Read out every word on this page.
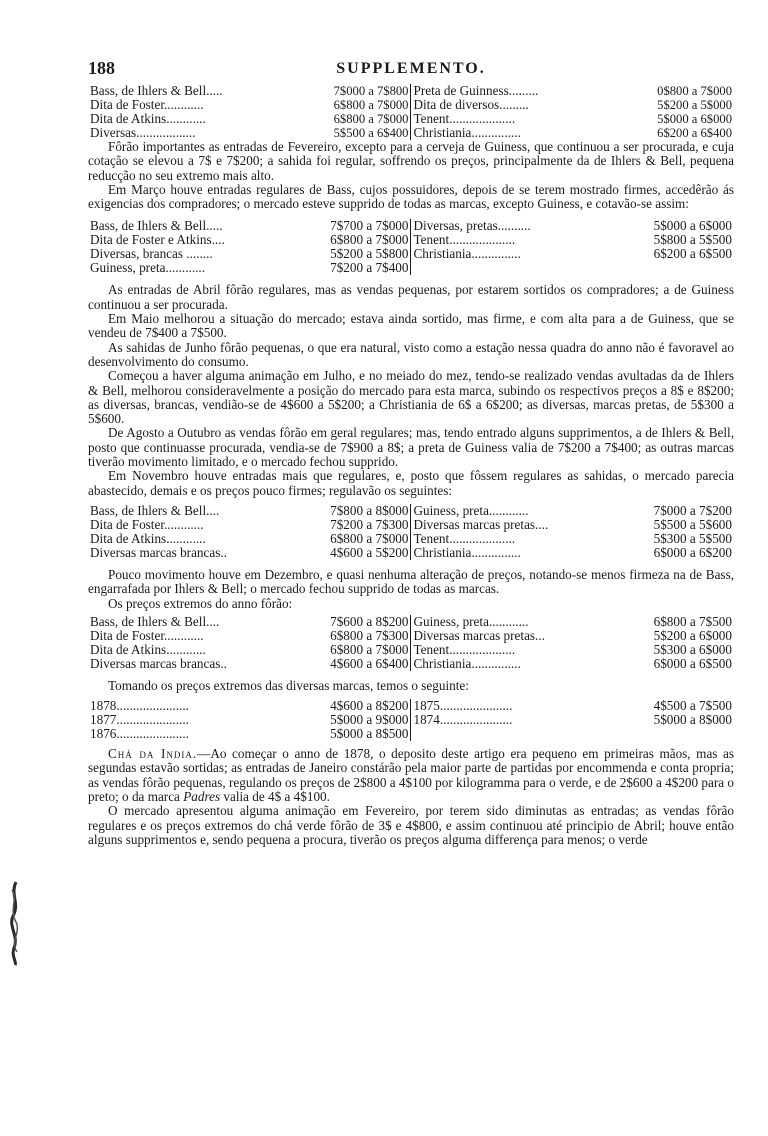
188	SUPPLEMENTO.
Bass, de Ihlers & Bell.....	7$000 a 7$800	Preta de Guinness.........	0$800 a 7$000
Dita de Foster............	6$800 a 7$000	Dita de diversos.........	5$200 a 5$000
Dita de Atkins............	6$800 a 7$000	Tenent....................	5$000 a 6$000
Diversas..................	5$500 a 6$400	Christiania...............	6$200 a 6$400

Fôrão importantes as entradas de Fevereiro, excepto para a cerveja de Guiness, que continuou a ser procurada, e cuja cotação se elevou a 7$ e 7$200; a sahida foi regular, soffrendo os preços, principalmente da de Ihlers & Bell, pequena reducção no seu extremo mais alto.

Em Março houve entradas regulares de Bass, cujos possuidores, depois de se terem mostrado firmes, accedêrão ás exigencias dos compradores; o mercado esteve supprido de todas as marcas, excepto Guiness, e cotavão-se assim:

Bass, de Ihlers & Bell.....	7$700 a 7$000	Diversas, pretas..........	5$000 a 6$000
Dita de Foster e Atkins....	6$800 a 7$000	Tenent....................	5$800 a 5$500
Diversas, brancas ........	5$200 a 5$800	Christiania...............	6$200 a 6$500
Guiness, preta............	7$200 a 7$400		

As entradas de Abril fôrão regulares, mas as vendas pequenas, por estarem sortidos os compradores; a de Guiness continuou a ser procurada.

Em Maio melhorou a situação do mercado; estava ainda sortido, mas firme, e com alta para a de Guiness, que se vendeu de 7$400 a 7$500.

As sahidas de Junho fôrão pequenas, o que era natural, visto como a estação nessa quadra do anno não é favoravel ao desenvolvimento do consumo.

Começou a haver alguma animação em Julho, e no meiado do mez, tendo-se realizado vendas avultadas da de Ihlers & Bell, melhorou consideravelmente a posição do mercado para esta marca, subindo os respectivos preços a 8$ e 8$200; as diversas, brancas, vendião-se de 4$600 a 5$200; a Christiania de 6$ a 6$200; as diversas, marcas pretas, de 5$300 a 5$600.

De Agosto a Outubro as vendas fôrão em geral regulares; mas, tendo entrado alguns supprimentos, a de Ihlers & Bell, posto que continuasse procurada, vendia-se de 7$900 a 8$; a preta de Guiness valia de 7$200 a 7$400; as outras marcas tiverão movimento limitado, e o mercado fechou supprido.

Em Novembro houve entradas mais que regulares, e, posto que fôssem regulares as sahidas, o mercado parecia abastecido, demais e os preços pouco firmes; regulavão os seguintes:

Bass, de Ihlers & Bell....	7$800 a 8$000	Guiness, preta............	7$000 a 7$200
Dita de Foster............	7$200 a 7$300	Diversas marcas pretas....	5$500 a 5$600
Dita de Atkins............	6$800 a 7$000	Tenent....................	5$300 a 5$500
Diversas marcas brancas..	4$600 a 5$200	Christiania...............	6$000 a 6$200

Pouco movimento houve em Dezembro, e quasi nenhuma alteração de preços, notando-se menos firmeza na de Bass, engarrafada por Ihlers & Bell; o mercado fechou supprido de todas as marcas.

Os preços extremos do anno fôrão:

Bass, de Ihlers & Bell....	7$600 a 8$200	Guiness, preta............	6$800 a 7$500
Dita de Foster............	6$800 a 7$300	Diversas marcas pretas...	5$200 a 6$000
Dita de Atkins............	6$800 a 7$000	Tenent....................	5$300 a 6$000
Diversas marcas brancas..	4$600 a 6$400	Christiania...............	6$000 a 6$500

Tomando os preços extremos das diversas marcas, temos o seguinte:

1878......................	4$600 a 8$200	1875......................	4$500 a 7$500
1877......................	5$000 a 9$000	1874......................	5$000 a 8$000
1876......................	5$000 a 8$500		

Chá da India.—Ao começar o anno de 1878, o deposito deste artigo era pequeno em primeiras mãos, mas as segundas estavão sortidas; as entradas de Janeiro constárão pela maior parte de partidas por encommenda e conta propria; as vendas fôrão pequenas, regulando os preços de 2$800 a 4$100 por kilogramma para o verde, e de 2$600 a 4$200 para o preto; o da marca Padres valia de 4$ a 4$100.

O mercado apresentou alguma animação em Fevereiro, por terem sido diminutas as entradas; as vendas fôrão regulares e os preços extremos do chá verde fôrão de 3$ e 4$800, e assim continuou até principio de Abril; houve então alguns supprimentos e, sendo pequena a procura, tiverão os preços alguma differença para menos; o verde
